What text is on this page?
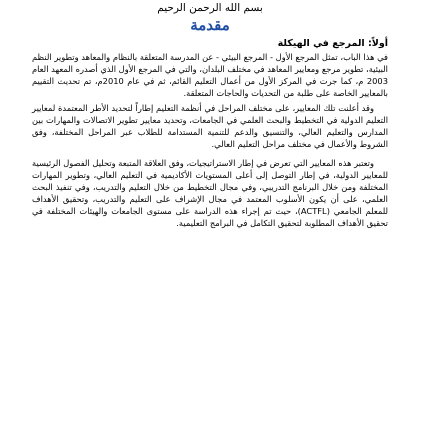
بسم الله الرحمن الرحيم

مقدمة
أولاً: المرجع في الهيكلة

في هذا الباب، تمثل المرجع الأول - المرجع البيئي - عن المدرسة المتعلقة بالنظام والمعاهد وتطوير النظم البيئية، تطوير مرجع ومعايير المعاهد في مختلف البلدان، والتي في المرجع الأول الذي أصدره المعهد العام 2003 م، كما جرت في المركز الأول من أعمال التعليم القائم، ثم في عام 2010م، تم تحديث التقييم بالمعايير الخاصة على طلبة من التحديات والحاجات المتعلقة.

وقد أعلنت تلك المعايير، على مختلف المراحل في أنظمة التعليم إطاراً لتحديد الأطر المعتمدة لمعايير التعليم الدولية في التخطيط والبحث العلمي في الجامعات، وتحديد معايير تطوير الاتصالات والمهارات بين المدارس والتعليم العالي، والتنسيق والدعم للتنمية المستدامة للطلاب عبر المراحل المختلفة، وفق الشروط والأعمال في مختلف مراحل التعليم العالي.

وتعتبر هذه المعايير التي تعرض في إطار الاستراتيجيات، وفق العلاقة المتبعة وتحليل الفصول الرئيسية للمعايير الدولية، في إطار التوصل إلى أعلى المستويات الأكاديمية في التعليم العالي، وتطوير المهارات المختلفة ومن خلال البرنامج التدريبي، وفي مجال التخطيط من خلال التعليم والتدريب، وفي تنفيذ البحث العلمي، على أن يكون الأسلوب المعتمد في مجال الإشراف على التعليم والتدريب، وتحقيق الأهداف للمعلم الجامعي (ACTFL)، حيث تم إجراء هذه الدراسة على مستوى الجامعات والهيئات المختلفة في تحقيق الأهداف المطلوبة لتحقيق التكامل في البرامج التعليمية.
